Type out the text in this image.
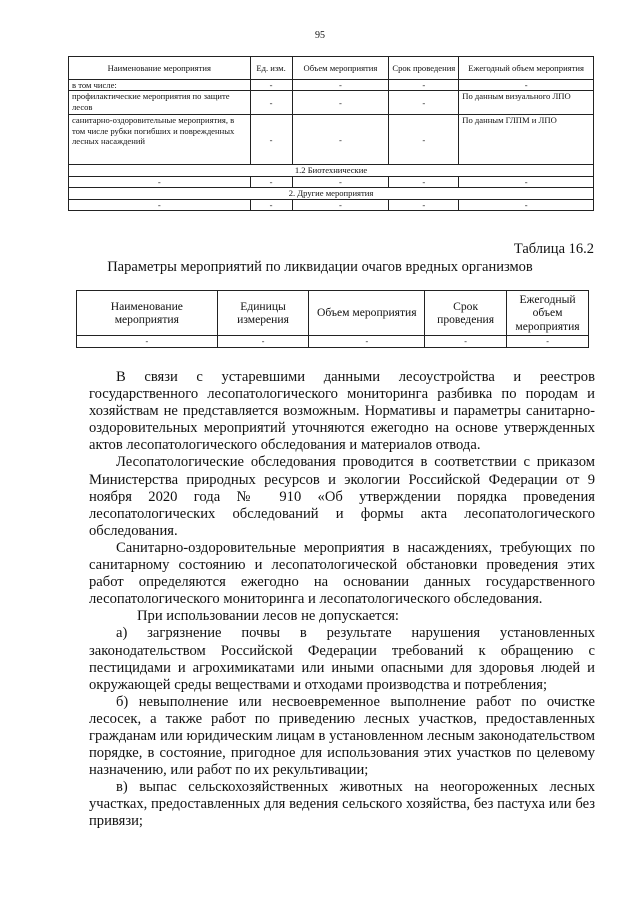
95
Наименование мероприятия	Ед. изм.	Объем мероприятия	Срок проведения	Ежегодный объем мероприятия
в том числе:	-	-	-	-
профилактические мероприятия по защите лесов	-	-	-	По данным визуального ЛПО
санитарно-оздоровительные мероприятия, в том числе рубки погибших и поврежденных лесных насаждений	-	-	-	По данным ГЛПМ и ЛПО
1.2 Биотехнические				
-	-	-	-	-
2. Другие мероприятия				
-	-	-	-	-
Таблица 16.2
Параметры мероприятий по ликвидации очагов вредных организмов
Наименование мероприятия	Единицы измерения	Объем мероприятия	Срок проведения	Ежегодный объем мероприятия
-	-	-	-	-

В связи с устаревшими данными лесоустройства и реестров государственного лесопатологического мониторинга разбивка по породам и хозяйствам не представляется возможным. Нормативы и параметры санитарно-оздоровительных мероприятий уточняются ежегодно на основе утвержденных актов лесопатологического обследования и материалов отвода.

Лесопатологические обследования проводится в соответствии с приказом Министерства природных ресурсов и экологии Российской Федерации от 9 ноября 2020 года № 910 «Об утверждении порядка проведения лесопатологических обследований и формы акта лесопатологического обследования.

Санитарно-оздоровительные мероприятия в насаждениях, требующих по санитарному состоянию и лесопатологической обстановки проведения этих работ определяются ежегодно на основании данных государственного лесопатологического мониторинга и лесопатологического обследования.

При использовании лесов не допускается:

а) загрязнение почвы в результате нарушения установленных законодательством Российской Федерации требований к обращению с пестицидами и агрохимикатами или иными опасными для здоровья людей и окружающей среды веществами и отходами производства и потребления;

б) невыполнение или несвоевременное выполнение работ по очистке лесосек, а также работ по приведению лесных участков, предоставленных гражданам или юридическим лицам в установленном лесным законодательством порядке, в состояние, пригодное для использования этих участков по целевому назначению, или работ по их рекультивации;

в) выпас сельскохозяйственных животных на неогороженных лесных участках, предоставленных для ведения сельского хозяйства, без пастуха или без привязи;
